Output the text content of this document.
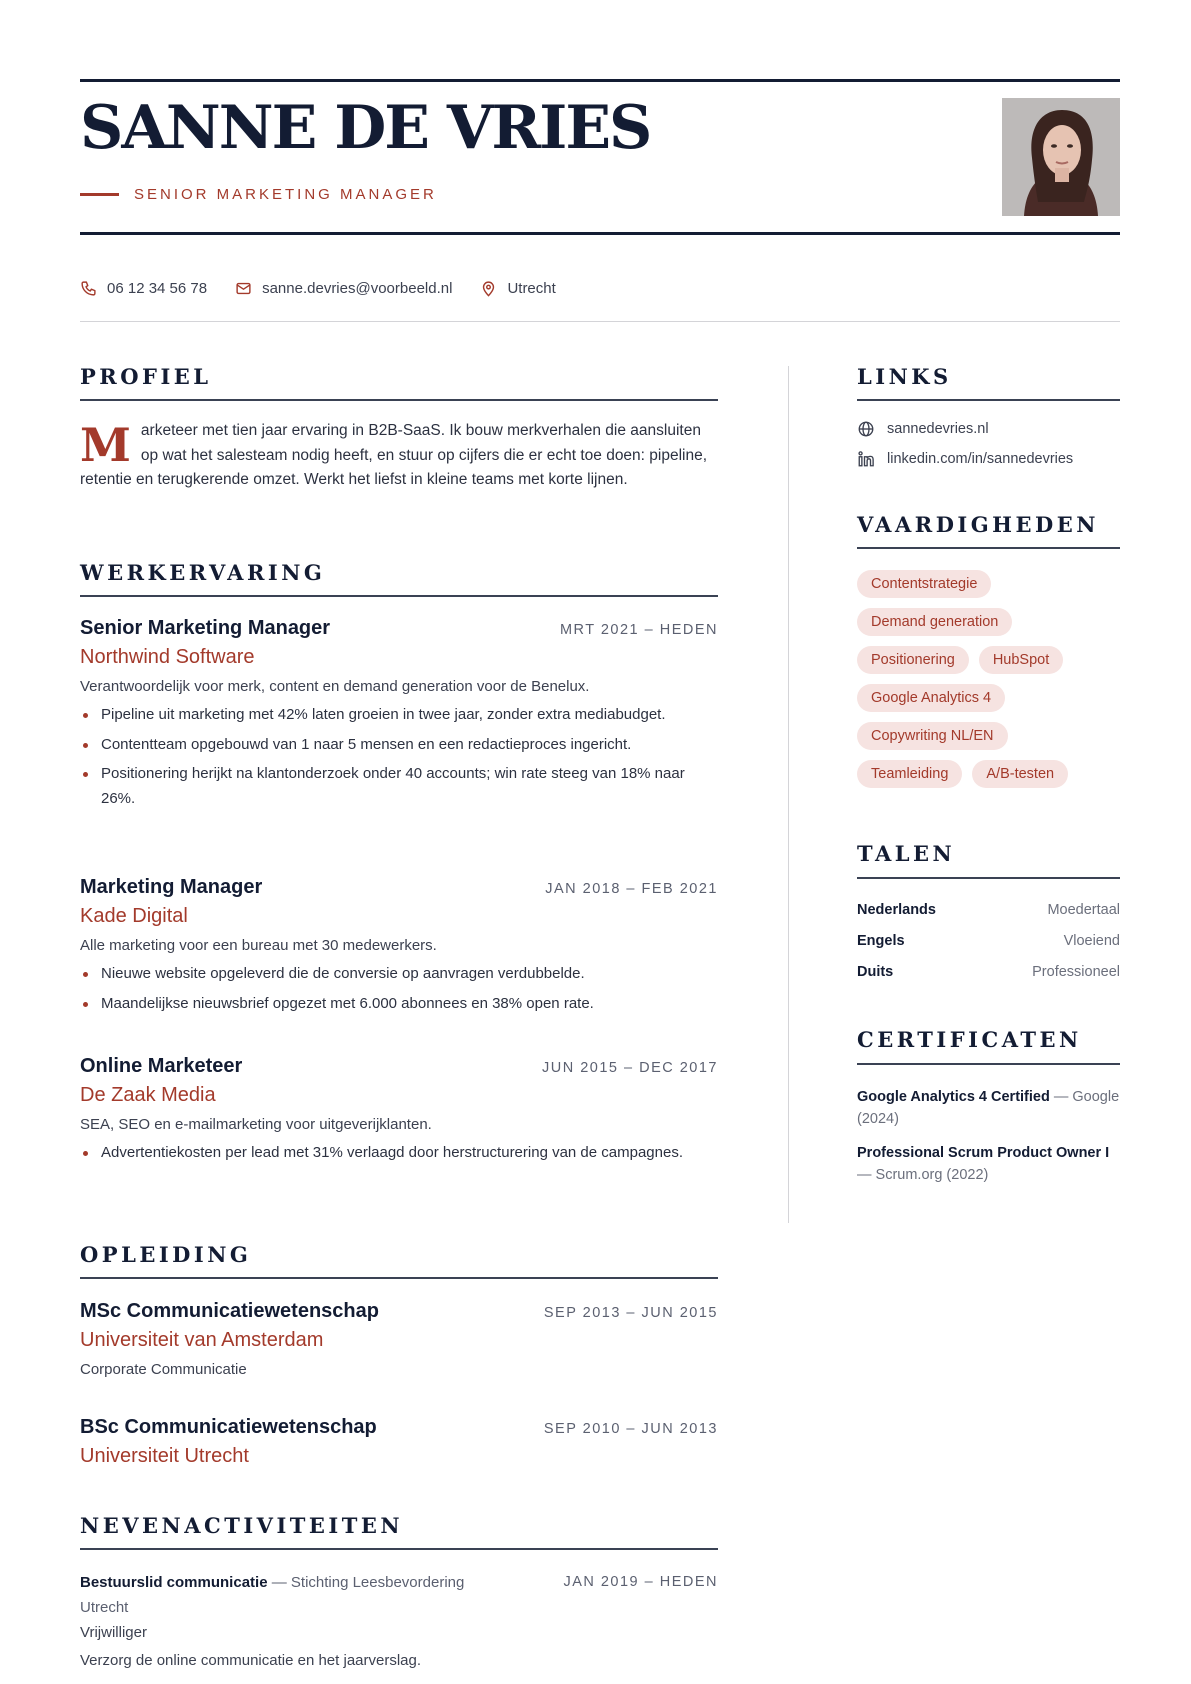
SANNE DE VRIES
SENIOR MARKETING MANAGER
06 12 34 56 78	sanne.devries@voorbeeld.nl	Utrecht
PROFIEL
M arketeer met tien jaar ervaring in B2B-SaaS. Ik bouw merkverhalen die aansluiten op wat het salesteam nodig heeft, en stuur op cijfers die er echt toe doen: pipeline, retentie en terugkerende omzet. Werkt het liefst in kleine teams met korte lijnen.
WERKERVARING
Senior Marketing Manager	MRT 2021 – HEDEN
Northwind Software
Verantwoordelijk voor merk, content en demand generation voor de Benelux.
Pipeline uit marketing met 42% laten groeien in twee jaar, zonder extra mediabudget.
Contentteam opgebouwd van 1 naar 5 mensen en een redactieproces ingericht.
Positionering herijkt na klantonderzoek onder 40 accounts; win rate steeg van 18% naar 26%.
Marketing Manager	JAN 2018 – FEB 2021
Kade Digital
Alle marketing voor een bureau met 30 medewerkers.
Nieuwe website opgeleverd die de conversie op aanvragen verdubbelde.
Maandelijkse nieuwsbrief opgezet met 6.000 abonnees en 38% open rate.
Online Marketeer	JUN 2015 – DEC 2017
De Zaak Media
SEA, SEO en e-mailmarketing voor uitgeverijklanten.
Advertentiekosten per lead met 31% verlaagd door herstructurering van de campagnes.
OPLEIDING
MSc Communicatiewetenschap	SEP 2013 – JUN 2015
Universiteit van Amsterdam
Corporate Communicatie
BSc Communicatiewetenschap	SEP 2010 – JUN 2013
Universiteit Utrecht
NEVENACTIVITEITEN
Bestuurslid communicatie — Stichting Leesbevordering
Utrecht
JAN 2019 – HEDEN
Vrijwilliger
Verzorg de online communicatie en het jaarverslag.
LINKS
sannedevries.nl
linkedin.com/in/sannedevries
VAARDIGHEDEN
Contentstrategie
Demand generation
Positionering	HubSpot
Google Analytics 4
Copywriting NL/EN
Teamleiding	A/B-testen
TALEN
Nederlands	Moedertaal
Engels	Vloeiend
Duits	Professioneel
CERTIFICATEN
Google Analytics 4 Certified — Google (2024)
Professional Scrum Product Owner I — Scrum.org (2022)
